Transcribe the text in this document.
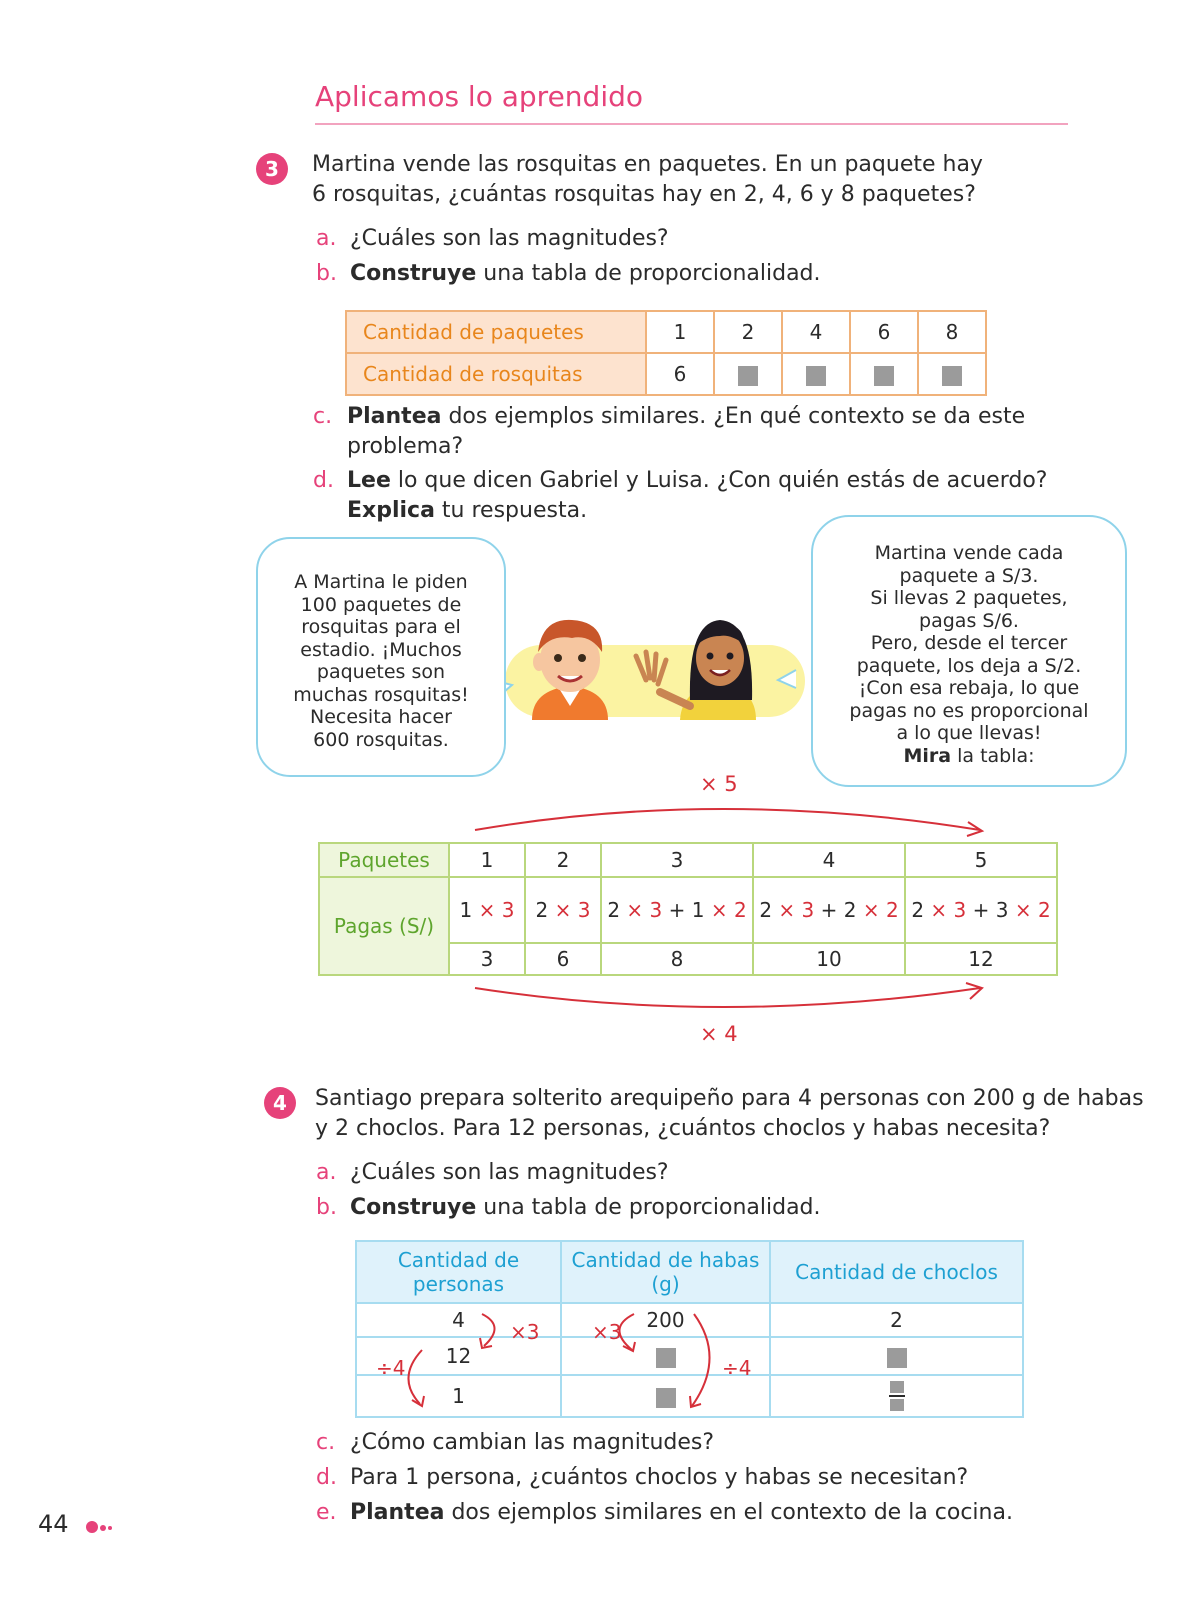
Aplicamos lo aprendido
3	Martina vende las rosquitas en paquetes. En un paquete hay
6 rosquitas, ¿cuántas rosquitas hay en 2, 4, 6 y 8 paquetes?
a. ¿Cuáles son las magnitudes?
b. Construye una tabla de proporcionalidad.
Cantidad de paquetes	1	2	4	6	8
Cantidad de rosquitas	6				
c. Plantea dos ejemplos similares. ¿En qué contexto se da este
problema?
d. Lee lo que dicen Gabriel y Luisa. ¿Con quién estás de acuerdo?
Explica tu respuesta.
A Martina le piden
100 paquetes de
rosquitas para el
estadio. ¡Muchos
paquetes son
muchas rosquitas!
Necesita hacer
600 rosquitas.
Martina vende cada
paquete a S/3.
Si llevas 2 paquetes,
pagas S/6.
Pero, desde el tercer
paquete, los deja a S/2.
¡Con esa rebaja, lo que
pagas no es proporcional
a lo que llevas!
Mira la tabla:
× 5
Paquetes	1	2	3	4	5
Pagas (S/)	1 × 3	2 × 3	2 × 3 + 1 × 2	2 × 3 + 2 × 2	2 × 3 + 3 × 2
	3	6	8	10	12
× 4
4	Santiago prepara solterito arequipeño para 4 personas con 200 g de habas
y 2 choclos. Para 12 personas, ¿cuántos choclos y habas necesita?
a. ¿Cuáles son las magnitudes?
b. Construye una tabla de proporcionalidad.
Cantidad de personas	Cantidad de habas (g)	Cantidad de choclos
4	200	2
12		
1		
×3
÷4
×3
÷4
c. ¿Cómo cambian las magnitudes?
d. Para 1 persona, ¿cuántos choclos y habas se necesitan?
e. Plantea dos ejemplos similares en el contexto de la cocina.
44
